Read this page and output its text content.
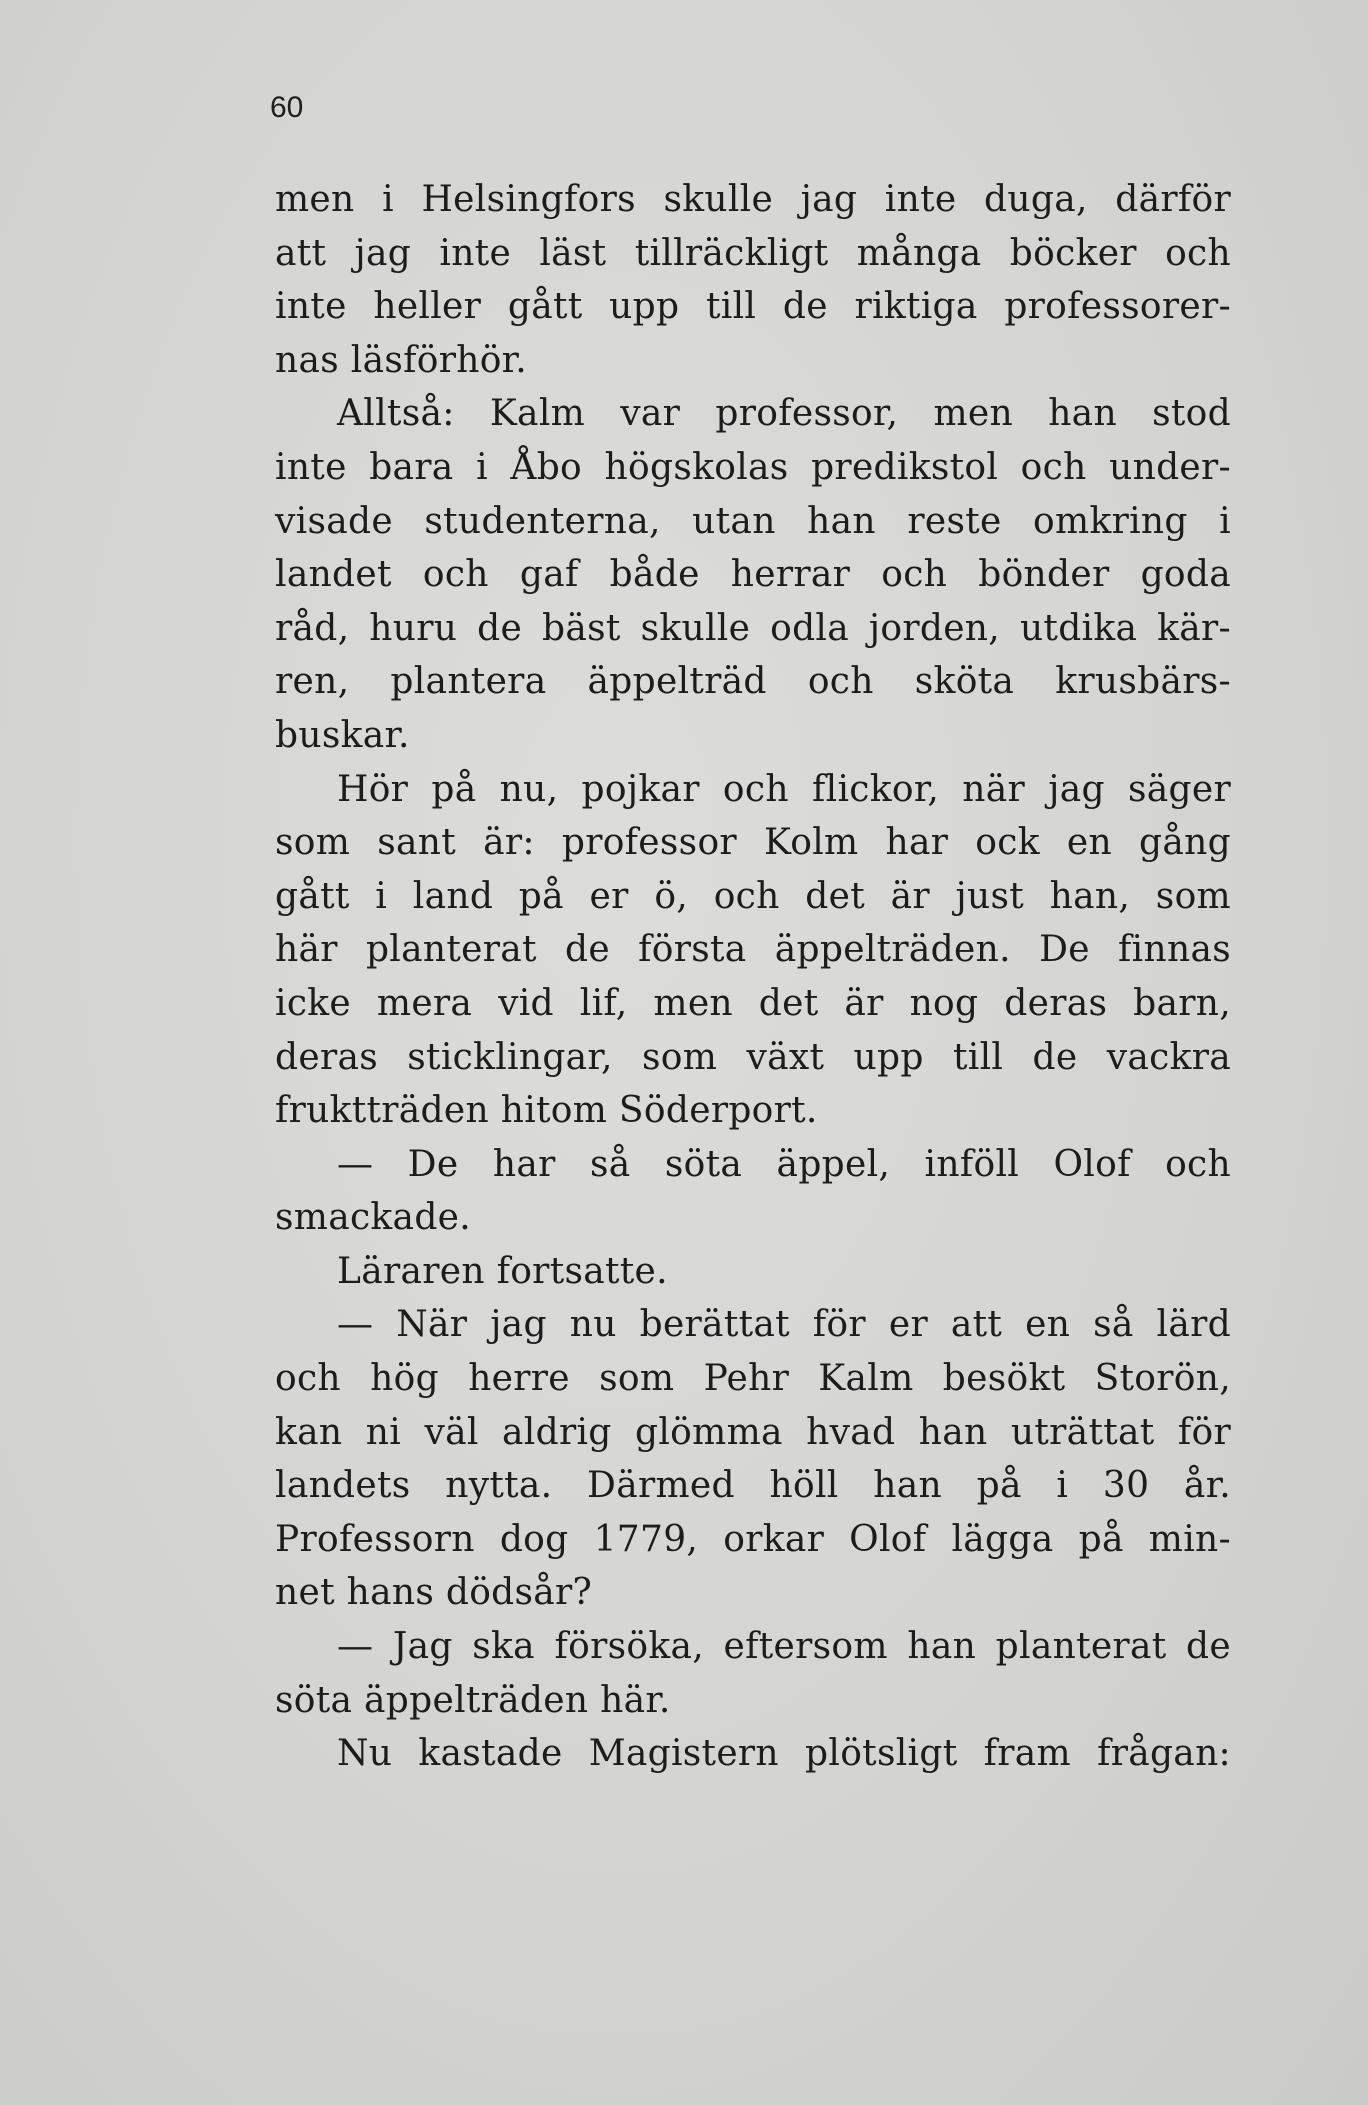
60
men i Helsingfors skulle jag inte duga, därför
att jag inte läst tillräckligt många böcker och
inte heller gått upp till de riktiga professorer-
nas läsförhör.
Alltså: Kalm var professor, men han stod
inte bara i Åbo högskolas predikstol och under-
visade studenterna, utan han reste omkring i
landet och gaf både herrar och bönder goda
råd, huru de bäst skulle odla jorden, utdika kär-
ren, plantera äppelträd och sköta krusbärs-
buskar.
Hör på nu, pojkar och flickor, när jag säger
som sant är: professor Kolm har ock en gång
gått i land på er ö, och det är just han, som
här planterat de första äppelträden. De finnas
icke mera vid lif, men det är nog deras barn,
deras sticklingar, som växt upp till de vackra
fruktträden hitom Söderport.
— De har så söta äppel, inföll Olof och
smackade.
Läraren fortsatte.
— När jag nu berättat för er att en så lärd
och hög herre som Pehr Kalm besökt Storön,
kan ni väl aldrig glömma hvad han uträttat för
landets nytta. Därmed höll han på i 30 år.
Professorn dog 1779, orkar Olof lägga på min-
net hans dödsår?
— Jag ska försöka, eftersom han planterat de
söta äppelträden här.
Nu kastade Magistern plötsligt fram frågan:
